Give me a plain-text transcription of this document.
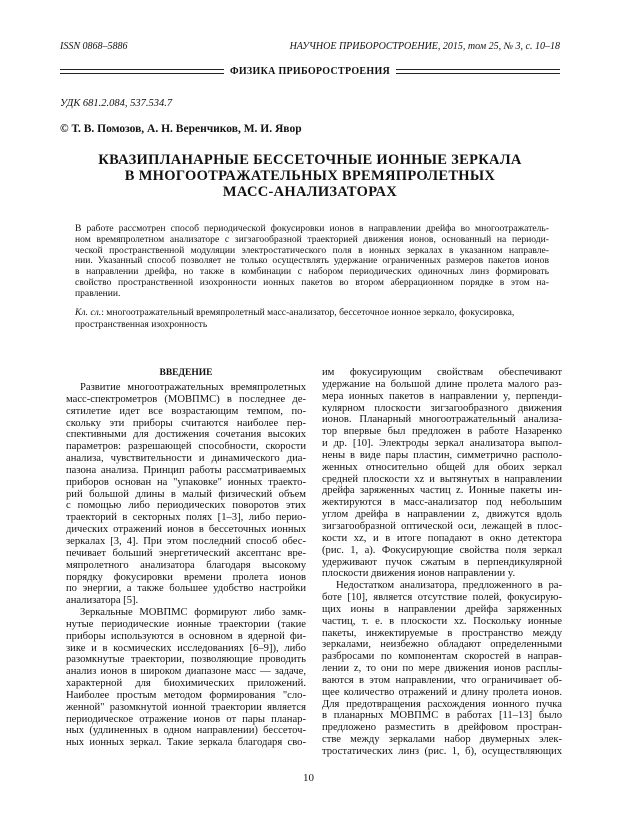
ISSN 0868–5886	НАУЧНОЕ ПРИБОРОСТРОЕНИЕ, 2015, том 25, № 3, c. 10–18
ФИЗИКА ПРИБОРОСТРОЕНИЯ
УДК 681.2.084, 537.534.7
© Т. В. Помозов, А. Н. Веренчиков, М. И. Явор
КВАЗИПЛАНАРНЫЕ БЕССЕТОЧНЫЕ ИОННЫЕ ЗЕРКАЛА
В МНОГООТРАЖАТЕЛЬНЫХ ВРЕМЯПРОЛЕТНЫХ
МАСС-АНАЛИЗАТОРАХ
В работе рассмотрен способ периодической фокусировки ионов в направлении дрейфа во многоотражатель-
ном времяпролетном анализаторе с зигзагообразной траекторией движения ионов, основанный на периоди-
ческой пространственной модуляции электростатического поля в ионных зеркалах в указанном направле-
нии. Указанный способ позволяет не только осуществлять удержание ограниченных размеров пакетов ионов
в направлении дрейфа, но также в комбинации с набором периодических одиночных линз формировать
свойство пространственной изохронности ионных пакетов во втором аберрационном порядке в этом на-
правлении.
Кл. сл.: многоотражательный времяпролетный масс-анализатор, бессеточное ионное зеркало, фокусировка,
пространственная изохронность
ВВЕДЕНИЕ
Развитие многоотражательных времяпролетных
масс-спектрометров (МОВПМС) в последнее де-
сятилетие идет все возрастающим темпом, по-
скольку эти приборы считаются наиболее пер-
спективными для достижения сочетания высоких
параметров: разрешающей способности, скорости
анализа, чувствительности и динамического диа-
пазона анализа. Принцип работы рассматриваемых
приборов основан на "упаковке" ионных траекто-
рий большой длины в малый физический объем
с помощью либо периодических поворотов этих
траекторий в секторных полях [1–3], либо перио-
дических отражений ионов в бессеточных ионных
зеркалах [3, 4]. При этом последний способ обес-
печивает больший энергетический аксептанс вре-
мяпролетного анализатора благодаря высокому
порядку фокусировки времени пролета ионов
по энергии, а также большее удобство настройки
анализатора [5].
Зеркальные МОВПМС формируют либо замк-
нутые периодические ионные траектории (такие
приборы используются в основном в ядерной фи-
зике и в космических исследованиях [6–9]), либо
разомкнутые траектории, позволяющие проводить
анализ ионов в широком диапазоне масс — задаче,
характерной для биохимических приложений.
Наиболее простым методом формирования "сло-
женной" разомкнутой ионной траектории является
периодическое отражение ионов от пары планар-
ных (удлиненных в одном направлении) бессеточ-
ных ионных зеркал. Такие зеркала благодаря сво-
им фокусирующим свойствам обеспечивают
удержание на большой длине пролета малого раз-
мера ионных пакетов в направлении y, перпенди-
кулярном плоскости зигзагообразного движения
ионов. Планарный многоотражательный анализа-
тор впервые был предложен в работе Назаренко
и др. [10]. Электроды зеркал анализатора выпол-
нены в виде пары пластин, симметрично располо-
женных относительно общей для обоих зеркал
средней плоскости xz и вытянутых в направлении
дрейфа заряженных частиц z. Ионные пакеты ин-
жектируются в масс-анализатор под небольшим
углом дрейфа в направлении z, движутся вдоль
зигзагообразной оптической оси, лежащей в плос-
кости xz, и в итоге попадают в окно детектора
(рис. 1, а). Фокусирующие свойства поля зеркал
удерживают пучок сжатым в перпендикулярной
плоскости движения ионов направлении y.
Недостатком анализатора, предложенного в ра-
боте [10], является отсутствие полей, фокусирую-
щих ионы в направлении дрейфа заряженных
частиц, т. е. в плоскости xz. Поскольку ионные
пакеты, инжектируемые в пространство между
зеркалами, неизбежно обладают определенными
разбросами по компонентам скоростей в направ-
лении z, то они по мере движения ионов расплы-
ваются в этом направлении, что ограничивает об-
щее количество отражений и длину пролета ионов.
Для предотвращения расхождения ионного пучка
в планарных МОВПМС в работах [11–13] было
предложено разместить в дрейфовом простран-
стве между зеркалами набор двумерных элек-
тростатических линз (рис. 1, б), осуществляющих
10
